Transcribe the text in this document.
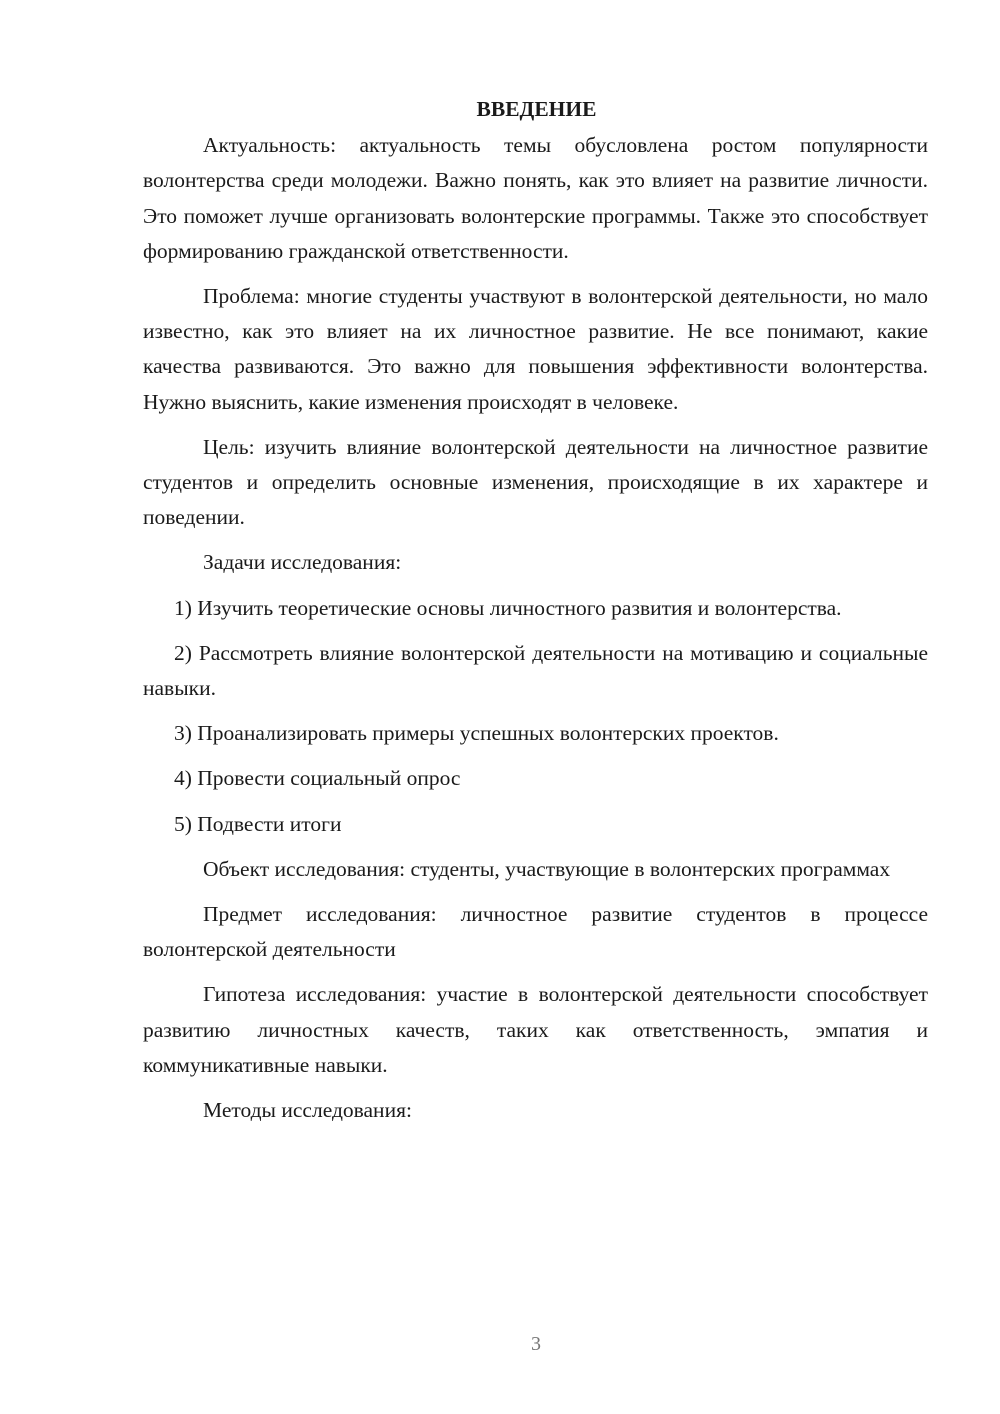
ВВЕДЕНИЕ

Актуальность: актуальность темы обусловлена ростом популярности волонтерства среди молодежи. Важно понять, как это влияет на развитие личности. Это поможет лучше организовать волонтерские программы. Также это способствует формированию гражданской ответственности.

Проблема: многие студенты участвуют в волонтерской деятельности, но мало известно, как это влияет на их личностное развитие. Не все понимают, какие качества развиваются. Это важно для повышения эффективности волонтерства. Нужно выяснить, какие изменения происходят в человеке.

Цель: изучить влияние волонтерской деятельности на личностное развитие студентов и определить основные изменения, происходящие в их характере и поведении.

Задачи исследования:

1) Изучить теоретические основы личностного развития и волонтерства.

2) Рассмотреть влияние волонтерской деятельности на мотивацию и социальные навыки.

3) Проанализировать примеры успешных волонтерских проектов.

4) Провести социальный опрос

5) Подвести итоги

Объект исследования: студенты, участвующие в волонтерских программах

Предмет исследования: личностное развитие студентов в процессе волонтерской деятельности

Гипотеза исследования: участие в волонтерской деятельности способствует развитию личностных качеств, таких как ответственность, эмпатия и коммуникативные навыки.

Методы исследования:

3
